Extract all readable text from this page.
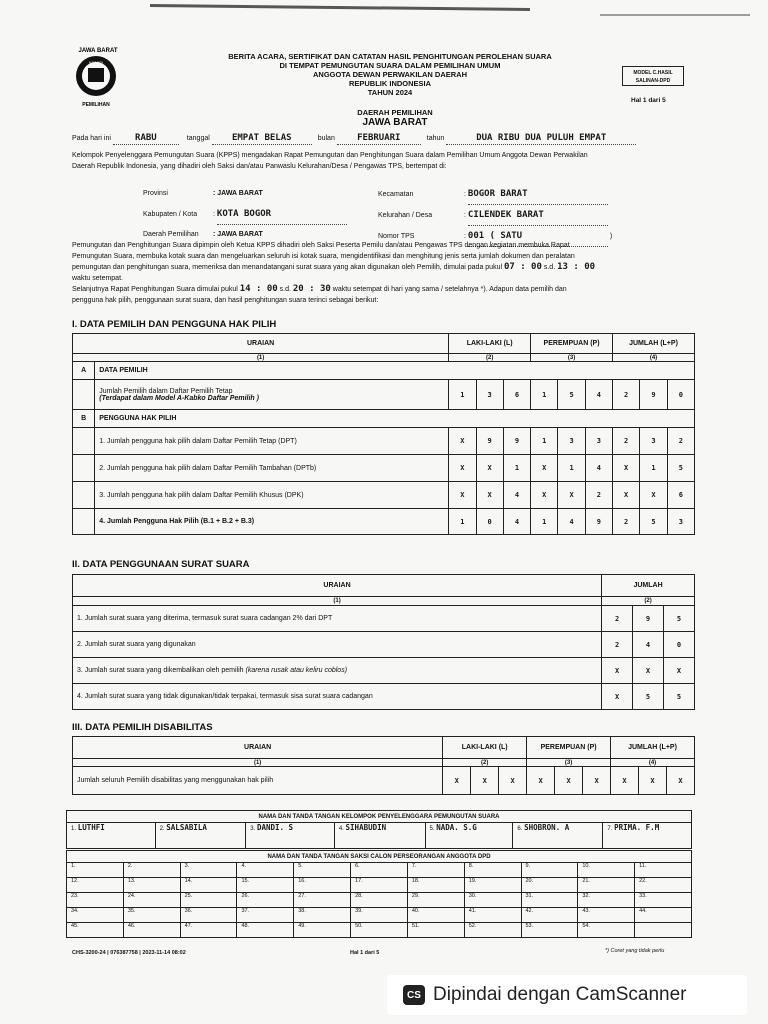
JAWA BARAT
KOMISI
PEMILIHAN
BERITA ACARA, SERTIFIKAT DAN CATATAN HASIL PENGHITUNGAN PEROLEHAN SUARA
DI TEMPAT PEMUNGUTAN SUARA DALAM PEMILIHAN UMUM
ANGGOTA DEWAN PERWAKILAN DAERAH
REPUBLIK INDONESIA
TAHUN 2024
DAERAH PEMILIHAN
JAWA BARAT
MODEL C.HASIL
SALINAN-DPD
Hal 1 dari 5
Pada hari ini	RABU	tanggal EMPAT BELAS	bulan FEBRUARI	tahun	DUA RIBU DUA PULUH EMPAT
Kelompok Penyelenggara Pemungutan Suara (KPPS) mengadakan Rapat Pemungutan dan Penghitungan Suara dalam Pemilihan Umum Anggota Dewan Perwakilan
Daerah Republik Indonesia, yang dihadiri oleh Saksi dan/atau Panwaslu Kelurahan/Desa / Pengawas TPS, bertempat di:
Provinsi	: JAWA BARAT
Kabupaten / Kota : KOTA BOGOR
Daerah Pemilihan : JAWA BARAT
Kecamatan	: BOGOR BARAT
Kelurahan / Desa	: CILENDEK BARAT
Nomor TPS	: 001 ( SATU	)
Pemungutan dan Penghitungan Suara dipimpin oleh Ketua KPPS dihadiri oleh Saksi Peserta Pemilu dan/atau Pengawas TPS dengan kegiatan membuka Rapat
Pemungutan Suara, membuka kotak suara dan mengeluarkan seluruh isi kotak suara, mengidentifikasi dan menghitung jenis serta jumlah dokumen dan peralatan
pemungutan dan penghitungan suara, memeriksa dan menandatangani surat suara yang akan digunakan oleh Pemilih, dimulai pada pukul 07 : 00 s.d. 13 : 00
waktu setempat.
Selanjutnya Rapat Penghitungan Suara dimulai pukul 14 : 00 s.d. 20 : 30 waktu setempat di hari yang sama / setelahnya *). Adapun data pemilih dan
pengguna hak pilih, penggunaan surat suara, dan hasil penghitungan suara terinci sebagai berikut:
I. DATA PEMILIH DAN PENGGUNA HAK PILIH
URAIAN		LAKI-LAKI (L)			PEREMPUAN (P)			JUMLAH (L+P)		
(1)		(2)			(3)			(4)		
A	DATA PEMILIH									

	Jumlah Pemilih dalam Daftar Pemilih Tetap
(Terdapat dalam Model A-Kabko Daftar Pemilih )	1	3	6	1	5	4	2	9	0
B	PENGGUNA HAK PILIH									
	1. Jumlah pengguna hak pilih dalam Daftar Pemilih Tetap (DPT)	X	9	9	1	3	3	2	3	2
	2. Jumlah pengguna hak pilih dalam Daftar Pemilih Tambahan (DPTb)	X	X	1	X	1	4	X	1	5
	3. Jumlah pengguna hak pilih dalam Daftar Pemilih Khusus (DPK)	X	X	4	X	X	2	X	X	6
	4. Jumlah Pengguna Hak Pilih (B.1 + B.2 + B.3)	1	0	4	1	4	9	2	5	3
II. DATA PENGGUNAAN SURAT SUARA
URAIAN	JUMLAH		
(1)	(2)		
1. Jumlah surat suara yang diterima, termasuk surat suara cadangan 2% dari DPT	2	9	5
2. Jumlah surat suara yang digunakan	2	4	0
3. Jumlah surat suara yang dikembalikan oleh pemilih (karena rusak atau keliru coblos)	X	X	X
4. Jumlah surat suara yang tidak digunakan/tidak terpakai, termasuk sisa surat suara cadangan	X	5	5
III. DATA PEMILIH DISABILITAS
URAIAN	LAKI-LAKI (L)			PEREMPUAN (P)			JUMLAH (L+P)		
(1)	(2)			(3)			(4)		
Jumlah seluruh Pemilih disabilitas yang menggunakan hak pilih	X	X	X	X	X	X	X	X	X
NAMA DAN TANDA TANGAN KELOMPOK PENYELENGGARA PEMUNGUTAN SUARA
1. LUTHFI	2. SALSABILA	3. DANDI. S	4. SIHABUDIN	5. NADA. S.G	6. SHOBRON. A	7. PRIMA. F.M
NAMA DAN TANDA TANGAN SAKSI CALON PERSEORANGAN ANGGOTA DPD										
1.	2.	3.	4.	5.	6.	7.	8.	9.	10.	11.
12.	13.	14.	15.	16.	17.	18.	19.	20.	21.	22.
23.	24.	25.	26.	27.	28.	29.	30.	31.	32.	33.
34.	35.	36.	37.	38.	39.	40.	41.	42.	43.	44.
45.	46.	47.	48.	49.	50.	51.	52.	53.	54.	
CHS-3200-24 | 076387758 | 2023-11-14 08:02	Hal 1 dari 5	*) Coret yang tidak perlu
CS Dipindai dengan CamScanner
